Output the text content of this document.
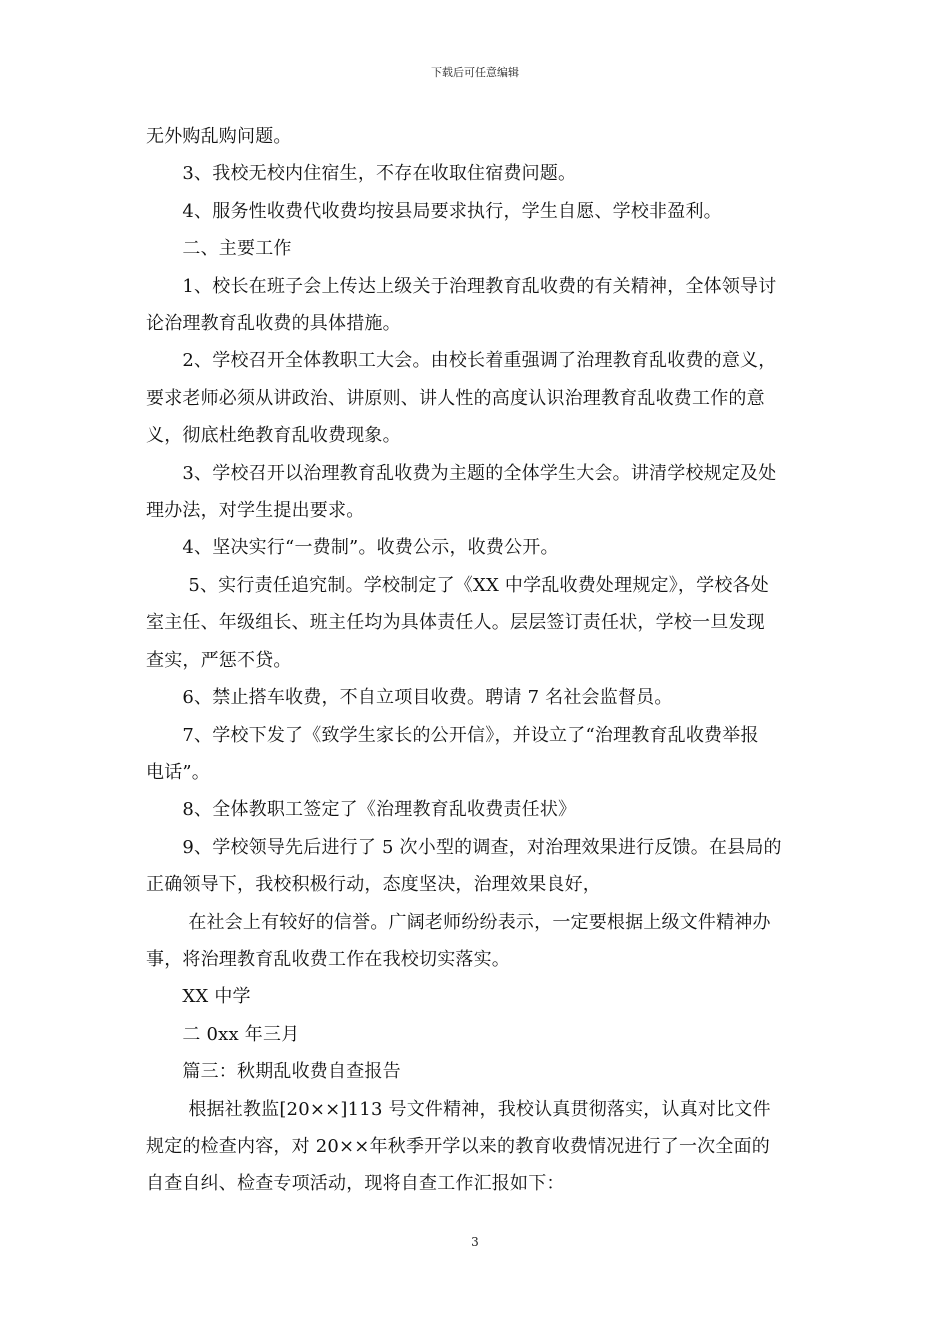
下载后可任意编辑

无外购乱购问题。

　　3、我校无校内住宿生，不存在收取住宿费问题。

　　4、服务性收费代收费均按县局要求执行，学生自愿、学校非盈利。

　　二、主要工作

　　1、校长在班子会上传达上级关于治理教育乱收费的有关精神，全体领导讨

论治理教育乱收费的具体措施。

　　2、学校召开全体教职工大会。由校长着重强调了治理教育乱收费的意义，

要求老师必须从讲政治、讲原则、讲人性的高度认识治理教育乱收费工作的意

义，彻底杜绝教育乱收费现象。

　　3、学校召开以治理教育乱收费为主题的全体学生大会。讲清学校规定及处

理办法，对学生提出要求。

　　4、坚决实行“一费制”。收费公示，收费公开。

　　 5、实行责任追究制。学校制定了《XX 中学乱收费处理规定》，学校各处

室主任、年级组长、班主任均为具体责任人。层层签订责任状，学校一旦发现

查实，严惩不贷。

　　6、禁止搭车收费，不自立项目收费。聘请 7 名社会监督员。

　　7、学校下发了《致学生家长的公开信》，并设立了“治理教育乱收费举报

电话”。

　　8、全体教职工签定了《治理教育乱收费责任状》

　　9、学校领导先后进行了 5 次小型的调查，对治理效果进行反馈。在县局的

正确领导下，我校积极行动，态度坚决，治理效果良好，

　　 在社会上有较好的信誉。广阔老师纷纷表示，一定要根据上级文件精神办

事，将治理教育乱收费工作在我校切实落实。

　　XX 中学

　　二 0xx 年三月

　　篇三：秋期乱收费自查报告

　　 根据社教监[20××]113 号文件精神，我校认真贯彻落实，认真对比文件

规定的检查内容，对 20××年秋季开学以来的教育收费情况进行了一次全面的

自查自纠、检查专项活动，现将自查工作汇报如下：

3
